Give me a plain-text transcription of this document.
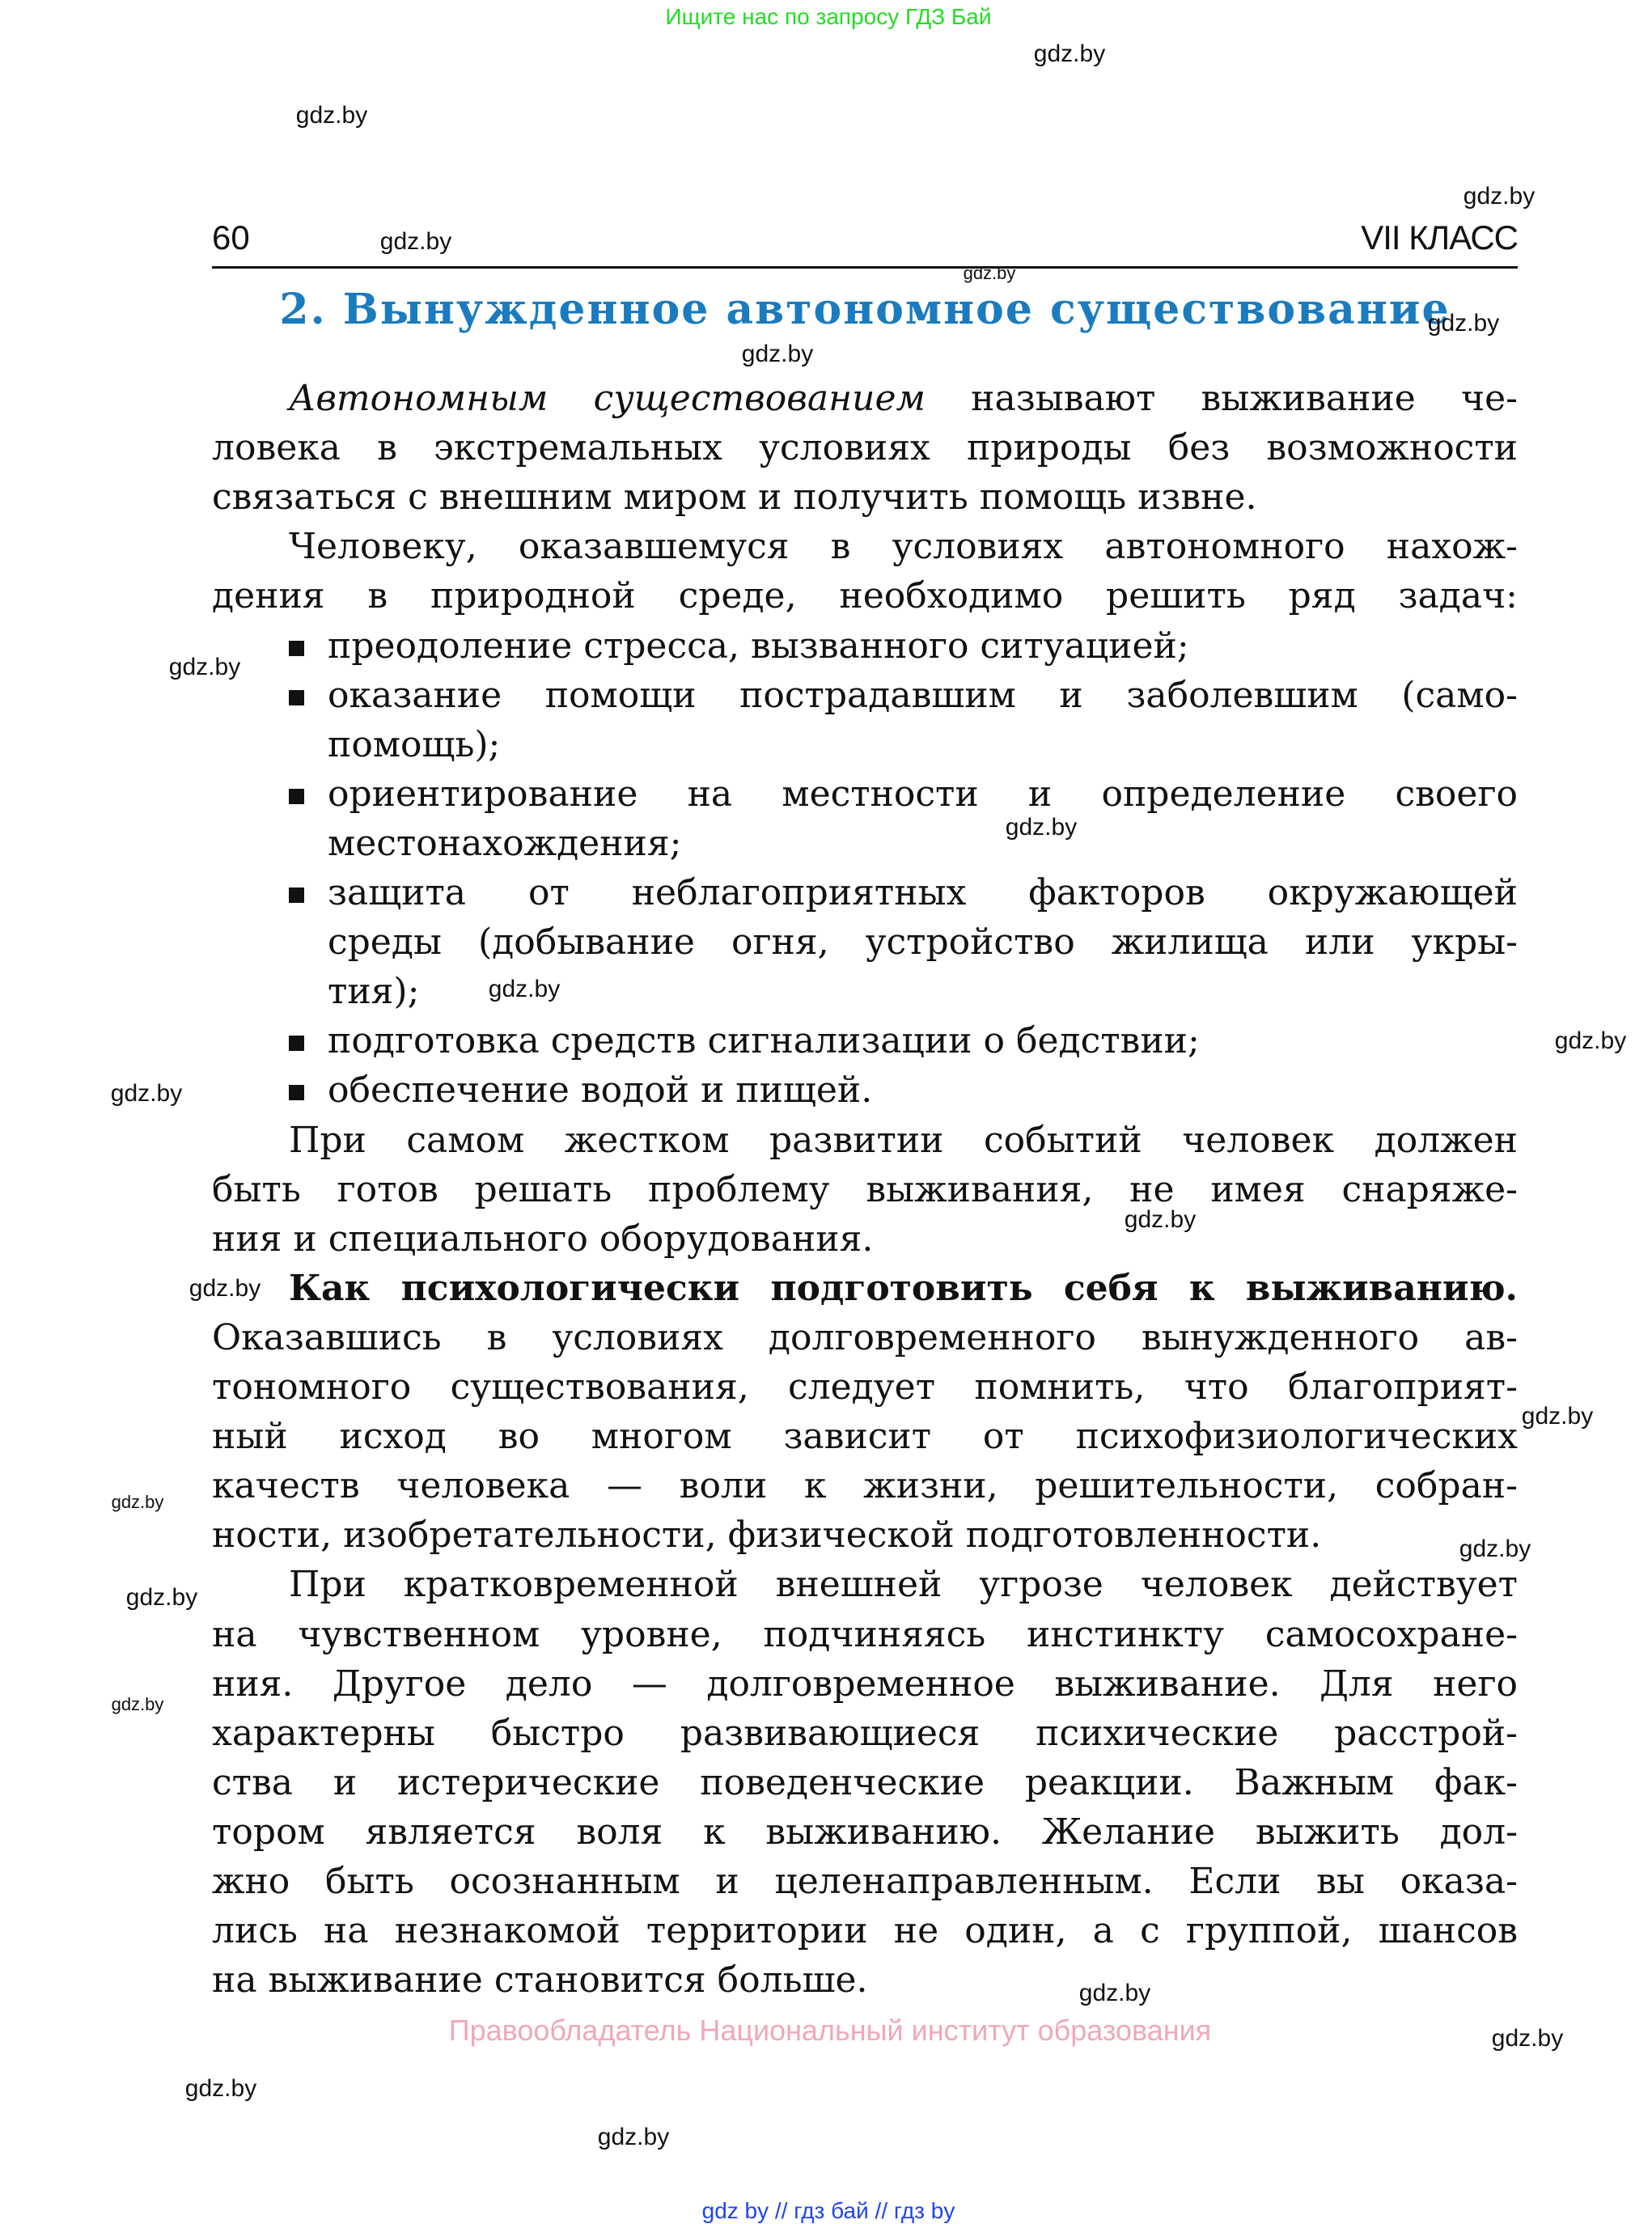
Ищите нас по запросу ГДЗ Бай
60	VII КЛАСС
2. Вынужденное автономное существование
Автономным существованием называют выживание че-
ловека в экстремальных условиях природы без возможности
связаться с внешним миром и получить помощь извне.
Человеку, оказавшемуся в условиях автономного нахож-
дения в природной среде, необходимо решить ряд задач:
преодоление стресса, вызванного ситуацией;
оказание помощи пострадавшим и заболевшим (само-
помощь);
ориентирование на местности и определение своего
местонахождения;
защита от неблагоприятных факторов окружающей
среды (добывание огня, устройство жилища или укры-
тия);
подготовка средств сигнализации о бедствии;
обеспечение водой и пищей.
При самом жестком развитии событий человек должен
быть готов решать проблему выживания, не имея снаряже-
ния и специального оборудования.
Как психологически подготовить себя к выживанию.
Оказавшись в условиях долговременного вынужденного ав-
тономного существования, следует помнить, что благоприят-
ный исход во многом зависит от психофизиологических
качеств человека — воли к жизни, решительности, собран-
ности, изобретательности, физической подготовленности.
При кратковременной внешней угрозе человек действует
на чувственном уровне, подчиняясь инстинкту самосохране-
ния. Другое дело — долговременное выживание. Для него
характерны быстро развивающиеся психические расстрой-
ства и истерические поведенческие реакции. Важным фак-
тором является воля к выживанию. Желание выжить дол-
жно быть осознанным и целенаправленным. Если вы оказа-
лись на незнакомой территории не один, а с группой, шансов
на выживание становится больше.
Правообладатель Национальный институт образования
gdz by // гдз бай // гдз by
gdz.by
gdz.by
gdz.by
gdz.by
gdz.by
gdz.by
gdz.by
gdz.by
gdz.by
gdz.by
gdz.by
gdz.by
gdz.by
gdz.by
gdz.by
gdz.by
gdz.by
gdz.by
gdz.by
gdz.by
gdz.by
gdz.by
gdz.by
